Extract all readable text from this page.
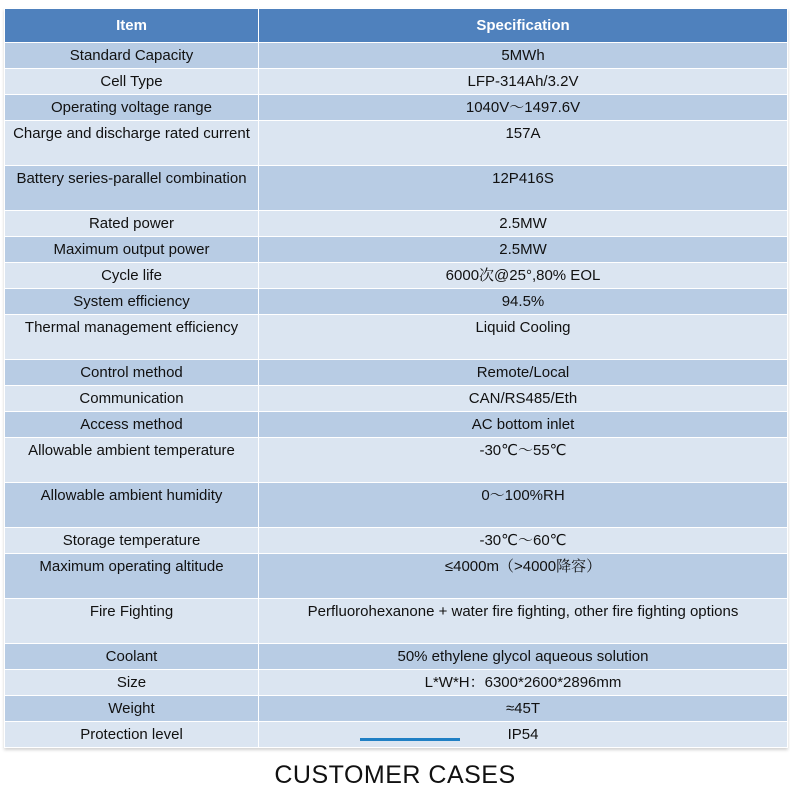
Item	Specification
Standard Capacity	5MWh
Cell Type	LFP-314Ah/3.2V
Operating voltage range	1040V～1497.6V
Charge and discharge rated current	157A
Battery series-parallel combination	12P416S
Rated power	2.5MW
Maximum output power	2.5MW
Cycle life	6000次@25°,80% EOL
System efficiency	94.5%
Thermal management efficiency	Liquid Cooling
Control method	Remote/Local
Communication	CAN/RS485/Eth
Access method	AC bottom inlet
Allowable ambient temperature	-30℃～55℃
Allowable ambient humidity	0～100%RH
Storage temperature	-30℃～60℃
Maximum operating altitude	≤4000m（>4000降容）
Fire Fighting	Perfluorohexanone + water fire fighting, other fire fighting options
Coolant	50% ethylene glycol aqueous solution
Size	L*W*H：6300*2600*2896mm
Weight	≈45T
Protection level	IP54
CUSTOMER CASES
